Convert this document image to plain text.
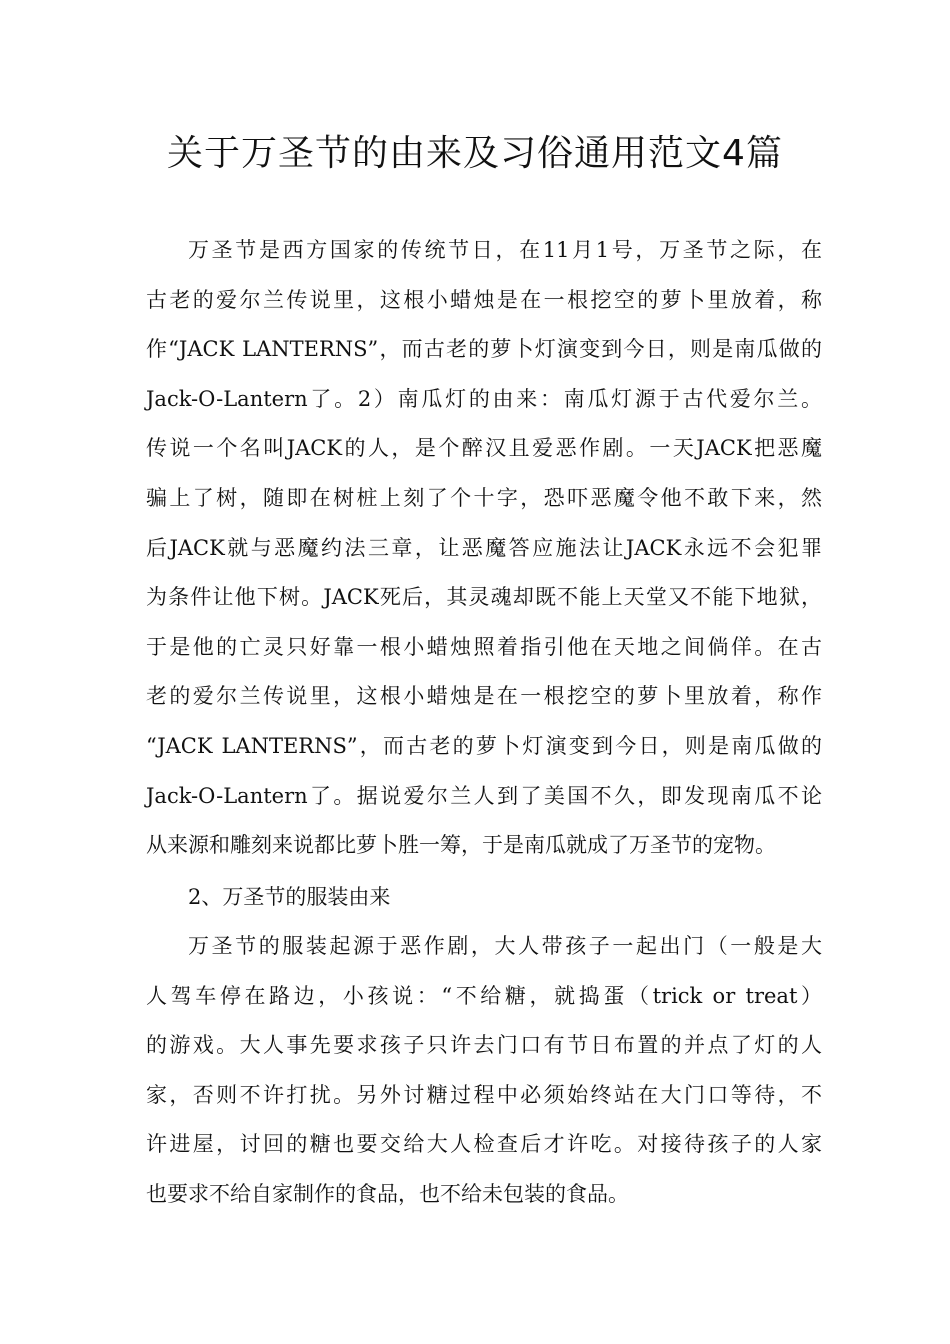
关于万圣节的由来及习俗通用范文4篇
万圣节是西方国家的传统节日，在11月1号，万圣节之际，在
古老的爱尔兰传说里，这根小蜡烛是在一根挖空的萝卜里放着，称
作“JACK LANTERNS”，而古老的萝卜灯演变到今日，则是南瓜做的
Jack-O-Lantern了。2）南瓜灯的由来：南瓜灯源于古代爱尔兰。
传说一个名叫JACK的人，是个醉汉且爱恶作剧。一天JACK把恶魔
骗上了树，随即在树桩上刻了个十字，恐吓恶魔令他不敢下来，然
后JACK就与恶魔约法三章，让恶魔答应施法让JACK永远不会犯罪
为条件让他下树。JACK死后，其灵魂却既不能上天堂又不能下地狱，
于是他的亡灵只好靠一根小蜡烛照着指引他在天地之间倘佯。在古
老的爱尔兰传说里，这根小蜡烛是在一根挖空的萝卜里放着，称作
“JACK LANTERNS”，而古老的萝卜灯演变到今日，则是南瓜做的
Jack-O-Lantern了。据说爱尔兰人到了美国不久，即发现南瓜不论
从来源和雕刻来说都比萝卜胜一筹，于是南瓜就成了万圣节的宠物。
2、万圣节的服装由来
万圣节的服装起源于恶作剧，大人带孩子一起出门（一般是大
人驾车停在路边，小孩说：“不给糖，就捣蛋（trick or treat）
的游戏。大人事先要求孩子只许去门口有节日布置的并点了灯的人
家，否则不许打扰。另外讨糖过程中必须始终站在大门口等待，不
许进屋，讨回的糖也要交给大人检查后才许吃。对接待孩子的人家
也要求不给自家制作的食品，也不给未包装的食品。
